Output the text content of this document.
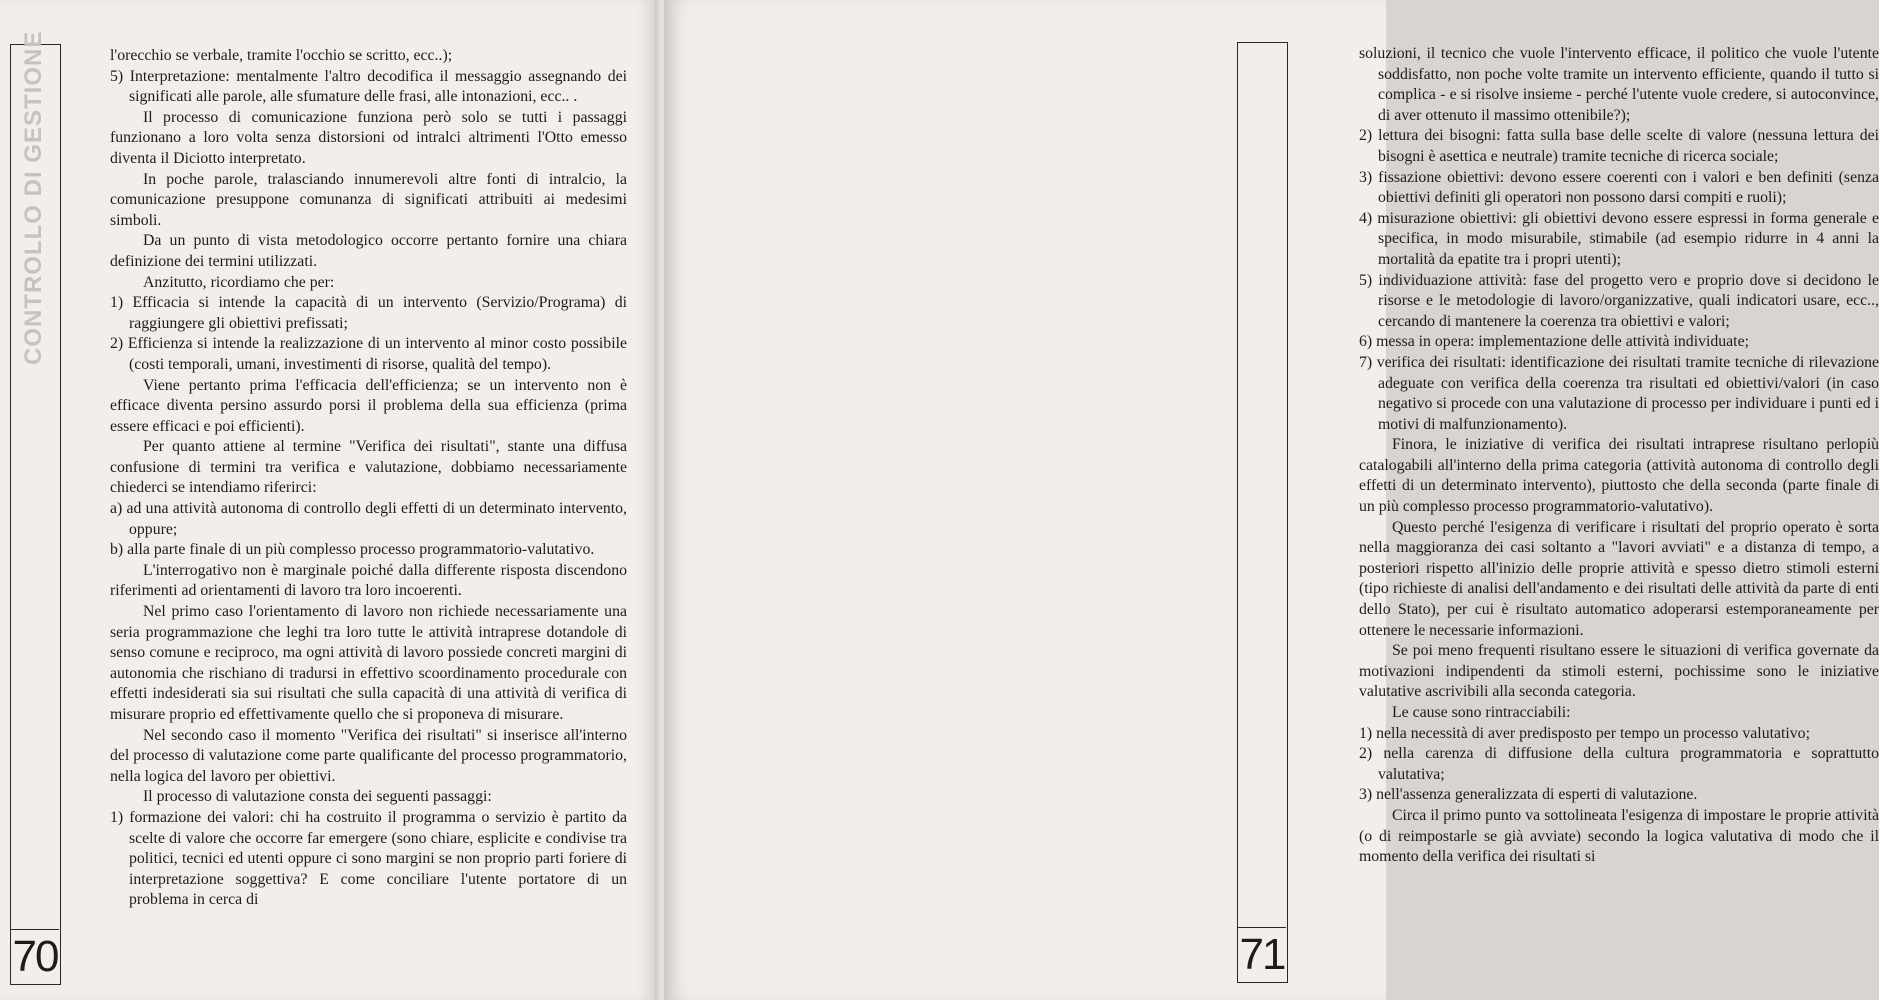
70
CONTROLLO DI GESTIONE	l'orecchio se verbale, tramite l'occhio se scritto, ecc..);

5) Interpretazione: mentalmente l'altro decodifica il messaggio assegnando dei significati alle parole, alle sfumature delle frasi, alle intonazioni, ecc.. .

Il processo di comunicazione funziona però solo se tutti i passaggi funzionano a loro volta senza distorsioni od intralci altrimenti l'Otto emesso diventa il Diciotto interpretato.

In poche parole, tralasciando innumerevoli altre fonti di intralcio, la comunicazione presuppone comunanza di significati attribuiti ai medesimi simboli.

Da un punto di vista metodologico occorre pertanto fornire una chiara definizione dei termini utilizzati.

Anzitutto, ricordiamo che per:

1) Efficacia si intende la capacità di un intervento (Servizio/Programa) di raggiungere gli obiettivi prefissati;

2) Efficienza si intende la realizzazione di un intervento al minor costo possibile (costi temporali, umani, investimenti di risorse, qualità del tempo).

Viene pertanto prima l'efficacia dell'efficienza; se un intervento non è efficace diventa persino assurdo porsi il problema della sua efficienza (prima essere efficaci e poi efficienti).

Per quanto attiene al termine "Verifica dei risultati", stante una diffusa confusione di termini tra verifica e valutazione, dobbiamo necessariamente chiederci se intendiamo riferirci:

a) ad una attività autonoma di controllo degli effetti di un determinato intervento, oppure;

b) alla parte finale di un più complesso processo programmatorio-valutativo.

L'interrogativo non è marginale poiché dalla differente risposta discendono riferimenti ad orientamenti di lavoro tra loro incoerenti.

Nel primo caso l'orientamento di lavoro non richiede necessariamente una seria programmazione che leghi tra loro tutte le attività intraprese dotandole di senso comune e reciproco, ma ogni attività di lavoro possiede concreti margini di autonomia che rischiano di tradursi in effettivo scoordinamento procedurale con effetti indesiderati sia sui risultati che sulla capacità di una attività di verifica di misurare proprio ed effettivamente quello che si proponeva di misurare.

Nel secondo caso il momento "Verifica dei risultati" si inserisce all'interno del processo di valutazione come parte qualificante del processo programmatorio, nella logica del lavoro per obiettivi.

Il processo di valutazione consta dei seguenti passaggi:

1) formazione dei valori: chi ha costruito il programma o servizio è partito da scelte di valore che occorre far emergere (sono chiare, esplicite e condivise tra politici, tecnici ed utenti oppure ci sono margini se non proprio parti foriere di interpretazione soggettiva? E come conciliare l'utente portatore di un problema in cerca di

soluzioni, il tecnico che vuole l'intervento efficace, il politico che vuole l'utente soddisfatto, non poche volte tramite un intervento efficiente, quando il tutto si complica - e si risolve insieme - perché l'utente vuole credere, si autoconvince, di aver ottenuto il massimo ottenibile?);

2) lettura dei bisogni: fatta sulla base delle scelte di valore (nessuna lettura dei bisogni è asettica e neutrale) tramite tecniche di ricerca sociale;

3) fissazione obiettivi: devono essere coerenti con i valori e ben definiti (senza obiettivi definiti gli operatori non possono darsi compiti e ruoli);

4) misurazione obiettivi: gli obiettivi devono essere espressi in forma generale e specifica, in modo misurabile, stimabile (ad esempio ridurre in 4 anni la mortalità da epatite tra i propri utenti);

5) individuazione attività: fase del progetto vero e proprio dove si decidono le risorse e le metodologie di lavoro/organizzative, quali indicatori usare, ecc.., cercando di mantenere la coerenza tra obiettivi e valori;

6) messa in opera: implementazione delle attività individuate;

7) verifica dei risultati: identificazione dei risultati tramite tecniche di rilevazione adeguate con verifica della coerenza tra risultati ed obiettivi/valori (in caso negativo si procede con una valutazione di processo per individuare i punti ed i motivi di malfunzionamento).

Finora, le iniziative di verifica dei risultati intraprese risultano perlopiù catalogabili all'interno della prima categoria (attività autonoma di controllo degli effetti di un determinato intervento), piuttosto che della seconda (parte finale di un più complesso processo programmatorio-valutativo).

Questo perché l'esigenza di verificare i risultati del proprio operato è sorta nella maggioranza dei casi soltanto a "lavori avviati" e a distanza di tempo, a posteriori rispetto all'inizio delle proprie attività e spesso dietro stimoli esterni (tipo richieste di analisi dell'andamento e dei risultati delle attività da parte di enti dello Stato), per cui è risultato automatico adoperarsi estemporaneamente per ottenere le necessarie informazioni.

Se poi meno frequenti risultano essere le situazioni di verifica governate da motivazioni indipendenti da stimoli esterni, pochissime sono le iniziative valutative ascrivibili alla seconda categoria.

Le cause sono rintracciabili:

1) nella necessità di aver predisposto per tempo un processo valutativo;

2) nella carenza di diffusione della cultura programmatoria e soprattutto valutativa;

3) nell'assenza generalizzata di esperti di valutazione.

Circa il primo punto va sottolineata l'esigenza di impostare le proprie attività (o di reimpostarle se già avviate) secondo la logica valutativa di modo che il momento della verifica dei risultati si

71
